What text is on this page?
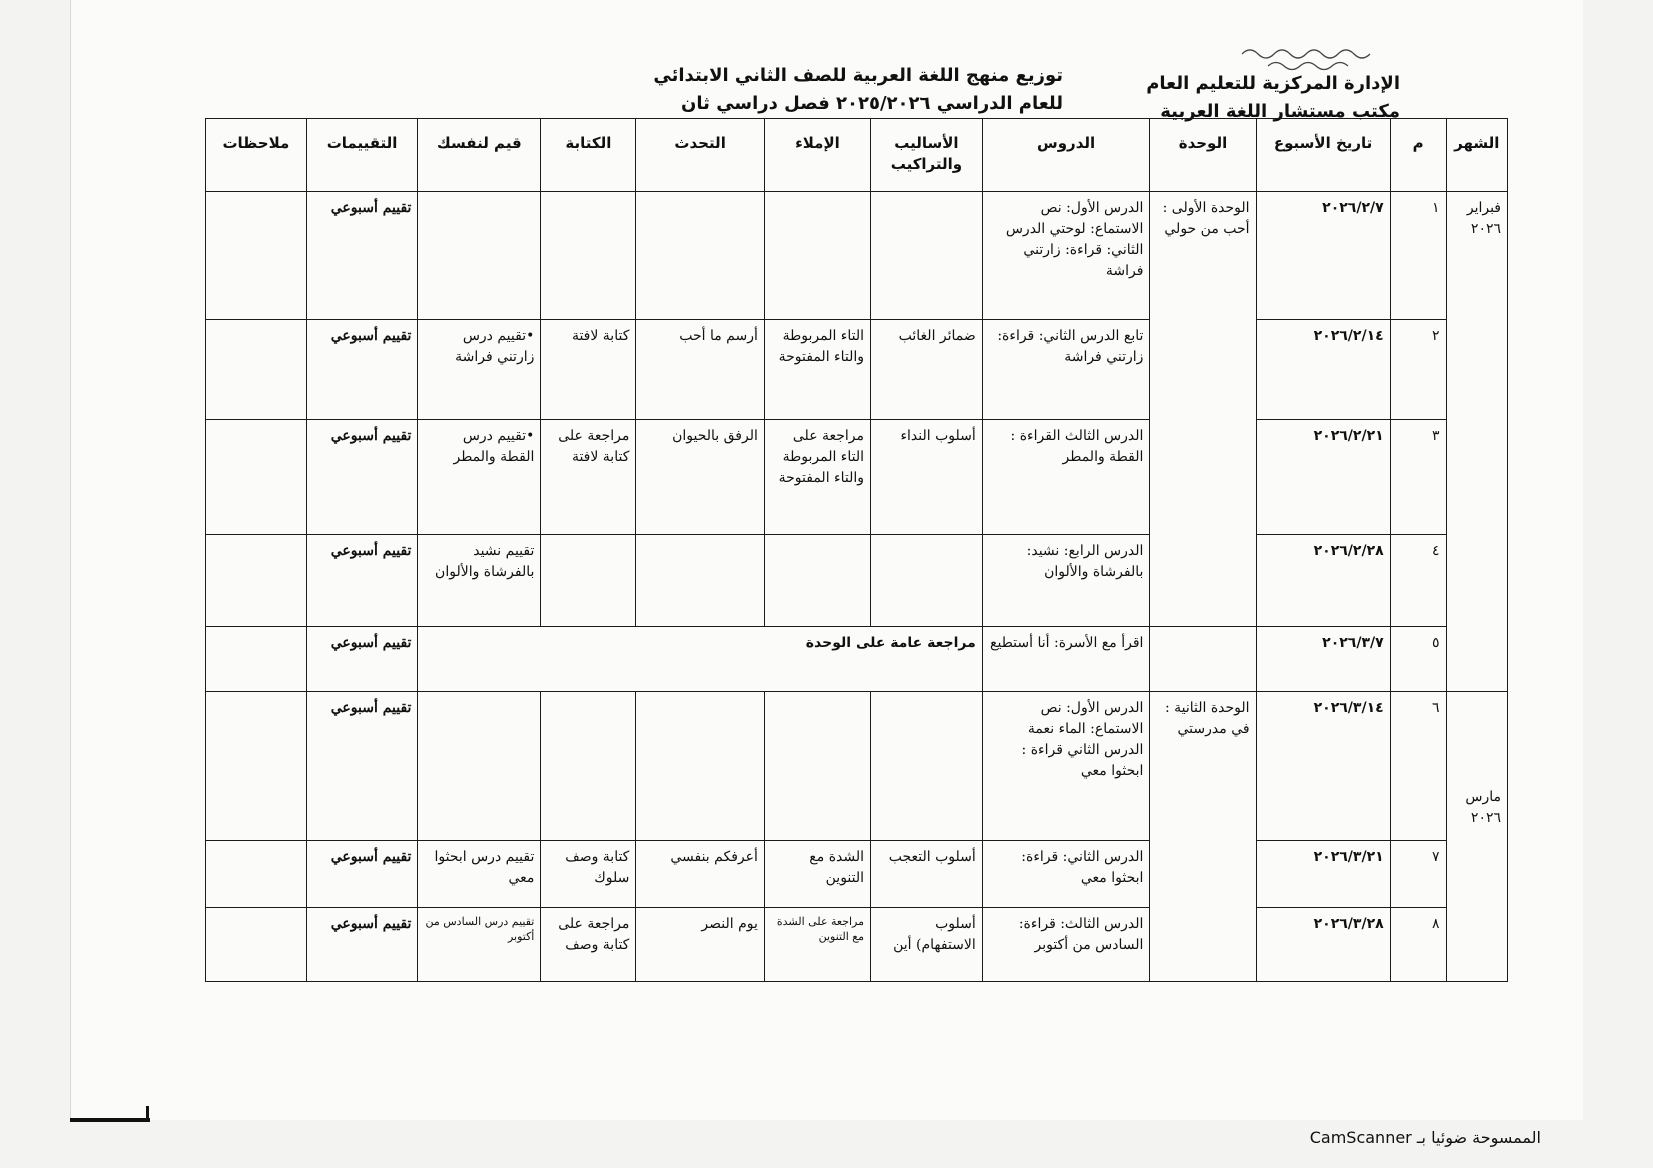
الإدارة المركزية للتعليم العام
مكتب مستشار اللغة العربية
توزيع منهج اللغة العربية للصف الثاني الابتدائي
للعام الدراسي ٢٠٢٥/٢٠٢٦ فصل دراسي ثان
الشهر	م	تاريخ الأسبوع	الوحدة	الدروس	الأساليب والتراكيب	الإملاء	التحدث	الكتابة	قيم لنفسك	التقييمات	ملاحظات
فبراير ٢٠٢٦	١	٢٠٢٦/٢/٧	الوحدة الأولى : أحب من حولي	الدرس الأول: نص الاستماع: لوحتي الدرس الثاني: قراءة: زارتني فراشة						تقييم أسبوعي	
	٢	٢٠٢٦/٢/١٤		تابع الدرس الثاني: قراءة: زارتني فراشة	ضمائر الغائب	التاء المربوطة والتاء المفتوحة	أرسم ما أحب	كتابة لافتة	•تقييم درس زارتني فراشة	تقييم أسبوعي	
	٣	٢٠٢٦/٢/٢١		الدرس الثالث القراءة : القطة والمطر	أسلوب النداء	مراجعة على التاء المربوطة والتاء المفتوحة	الرفق بالحيوان	مراجعة على كتابة لافتة	•تقييم درس القطة والمطر	تقييم أسبوعي	
	٤	٢٠٢٦/٢/٢٨		الدرس الرابع: نشيد: بالفرشاة والألوان					تقييم نشيد بالفرشاة والألوان	تقييم أسبوعي	
	٥	٢٠٢٦/٣/٧		اقرأ مع الأسرة: أنا أستطيع	مراجعة عامة على الوحدة					تقييم أسبوعي	
مارس ٢٠٢٦	٦	٢٠٢٦/٣/١٤	الوحدة الثانية : في مدرستي	الدرس الأول: نص الاستماع: الماء نعمة الدرس الثاني قراءة : ابحثوا معي						تقييم أسبوعي	
	٧	٢٠٢٦/٣/٢١		الدرس الثاني: قراءة: ابحثوا معي	أسلوب التعجب	الشدة مع التنوين	أعرفكم بنفسي	كتابة وصف سلوك	تقييم درس ابحثوا معي	تقييم أسبوعي	
	٨	٢٠٢٦/٣/٢٨		الدرس الثالث: قراءة: السادس من أكتوبر	أسلوب الاستفهام) أين	مراجعة على الشدة مع التنوين	يوم النصر	مراجعة على كتابة وصف	تقييم درس السادس من أكتوبر	تقييم أسبوعي	
الممسوحة ضوئيا بـ CamScanner
